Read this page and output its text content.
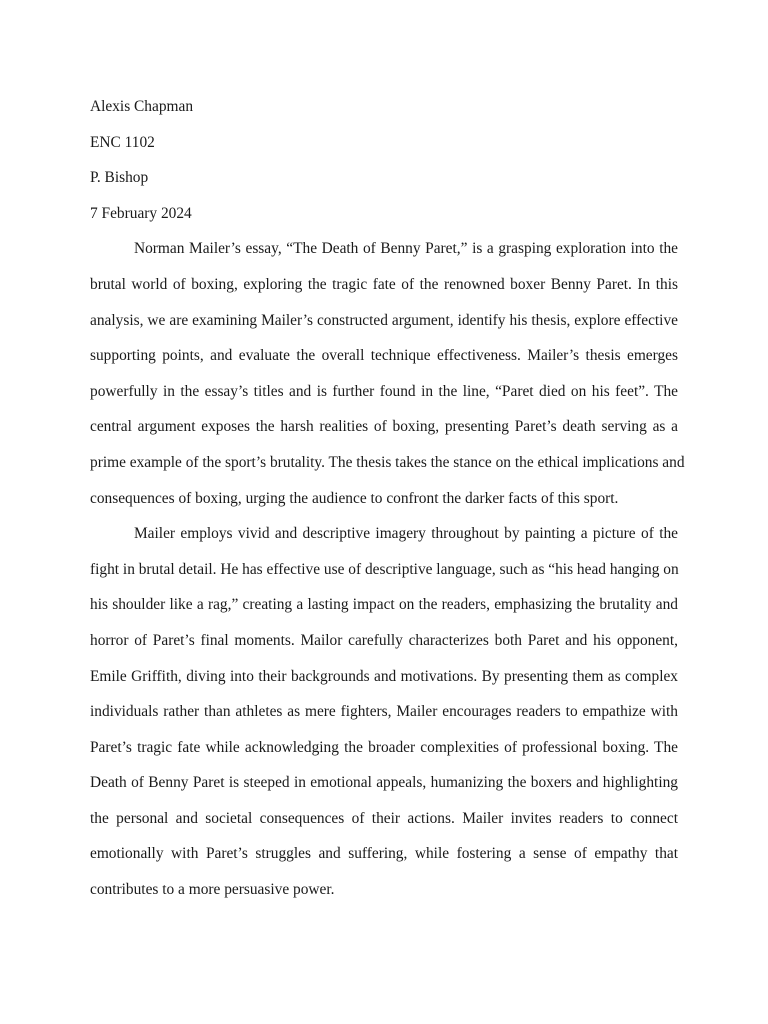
Alexis Chapman
ENC 1102
P. Bishop
7 February 2024
Norman Mailer’s essay, “The Death of Benny Paret,” is a grasping exploration into the
brutal world of boxing, exploring the tragic fate of the renowned boxer Benny Paret. In this
analysis, we are examining Mailer’s constructed argument, identify his thesis, explore effective
supporting points, and evaluate the overall technique effectiveness. Mailer’s thesis emerges
powerfully in the essay’s titles and is further found in the line, “Paret died on his feet”. The
central argument exposes the harsh realities of boxing, presenting Paret’s death serving as a
prime example of the sport’s brutality. The thesis takes the stance on the ethical implications and
consequences of boxing, urging the audience to confront the darker facts of this sport.
Mailer employs vivid and descriptive imagery throughout by painting a picture of the
fight in brutal detail. He has effective use of descriptive language, such as “his head hanging on
his shoulder like a rag,” creating a lasting impact on the readers, emphasizing the brutality and
horror of Paret’s final moments. Mailor carefully characterizes both Paret and his opponent,
Emile Griffith, diving into their backgrounds and motivations. By presenting them as complex
individuals rather than athletes as mere fighters, Mailer encourages readers to empathize with
Paret’s tragic fate while acknowledging the broader complexities of professional boxing. The
Death of Benny Paret is steeped in emotional appeals, humanizing the boxers and highlighting
the personal and societal consequences of their actions. Mailer invites readers to connect
emotionally with Paret’s struggles and suffering, while fostering a sense of empathy that
contributes to a more persuasive power.
